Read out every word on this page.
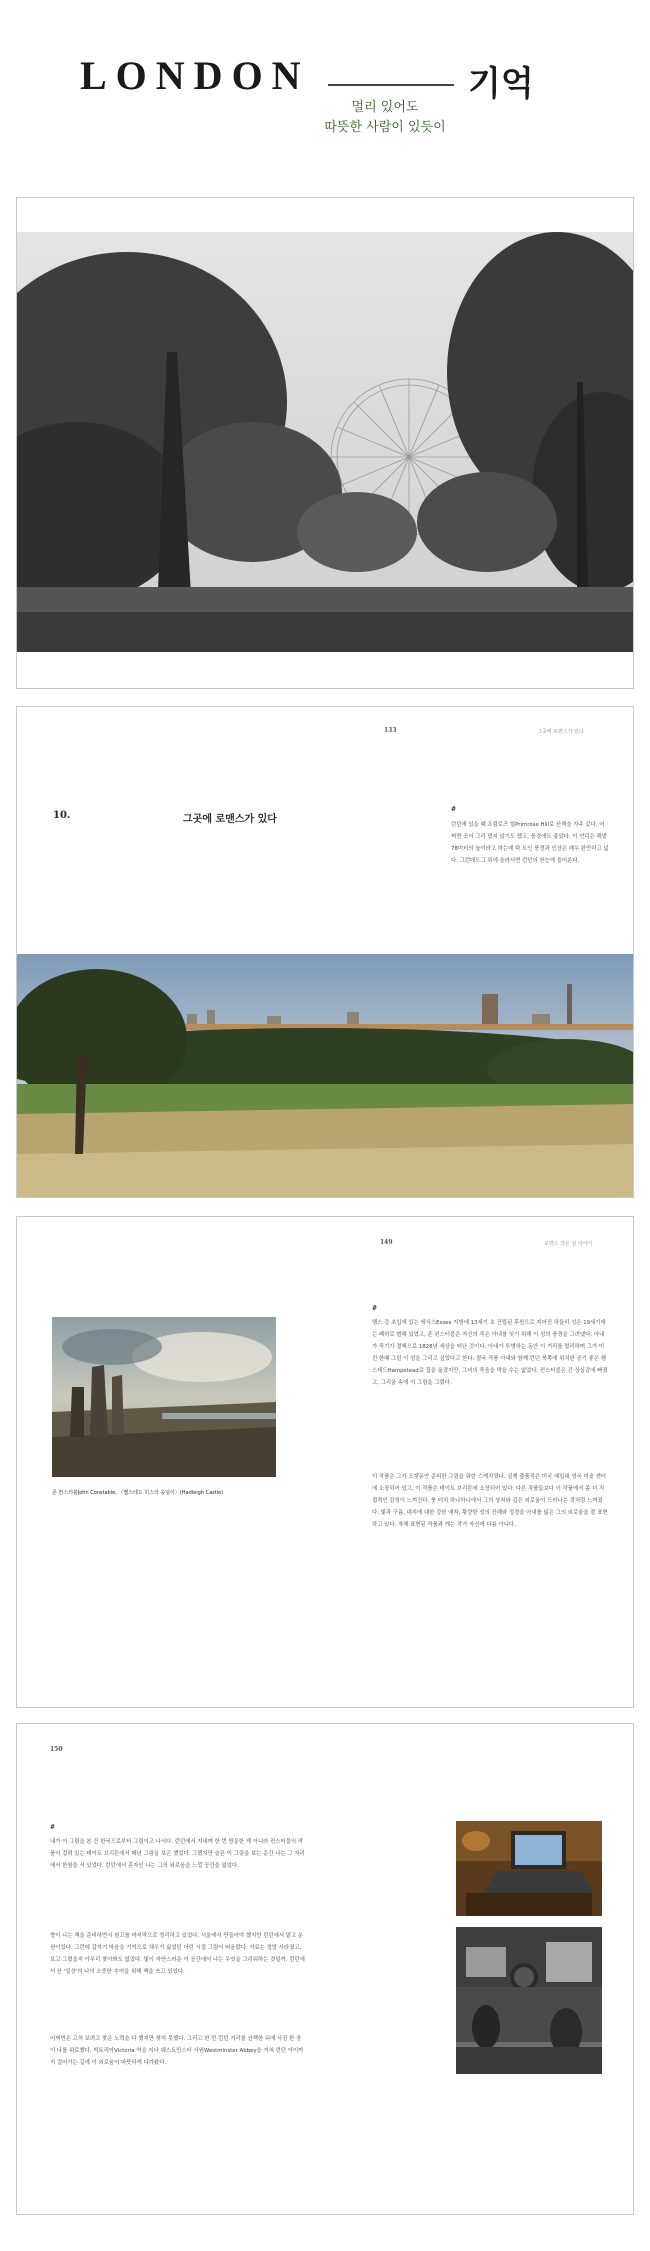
LONDON	기억
멀리 있어도
따뜻한 사람이 있듯이
133	그곳에 로맨스가 있다
10.	그곳에 로맨스가 있다
#

런던에 있을 때 프림로즈 힐Primrose Hill로 산책을 자주 갔다. 어쩌면 곳이 그리 멀지 않기도 했고, 풍경에도 좋았다. 이 언덕은 해발 78미터의 높이라고 하는데 탁 트인 풍경과 인상은 매우 완만하고 넓다. 그런데도그 위에 올라서면 런던의 한눈에 들어온다.

149	로맨스 작은 섬 이야기
존 컨스터블John Constable, 〈햄스테드 히스의 웅덩이〉(Hadleigh Castle)
#

템스 강 초입에 있는 에식스Essex 지방에 13세기 초 건립된 후원으로 지어진 하들리 성은 19세기에는 폐허로 변해 있었고, 존 컨스터블은 자신의 죽은 아내를 잊기 위해 이 성의 풍경을 그려냈다. 아내가 죽기가 결핵으로 1828년 세상을 떠난 것이다. 아내가 투병하는 동안 이 거리를 멀리하며 그가 미친 한때 그린 이 성을 그리고 싶었다고 한다. 결국 작품 아내와 함께 런던 북쪽에 위치한 공기 좋은 햄스테드Hampstead로 집을 옮겼지만, 그녀의 죽음을 막을 수는 없었다. 컨스터블은 긴 상실감에 빠졌고, 그리움 속에 이 그림을 그렸다.

이 작품은 그가 오랫동안 준비한 그림을 위한 스케치였다. 실제 출품작은 미국 예일대 영국 미술 센터에 소장되어 있고, 이 작품은 테이트 브리튼에 소장되어 있다. 다른 작품들보다 이 작품에서 좀 더 직접적인 감정이 느껴진다. 붓 터치 하나하나에서 그의 상처와 깊은 외로움이 드러나는 것처럼 느껴졌다. 빛과 구름, 대지에 대한 강한 애착, 황량한 성의 잔해와 정경을 아내를 잃은 그의 외로움을 잘 표현하고 있다. 자체 표현된 작품과 캐는 작가 자신에 다름 아니다.

150
#

내가 이 그림을 본 건 한국으로부터 그림이고 나서다. 런던에서 지내며 한 번 방문한 게 아니라 컨스터블의 작품이 걸려 있는 테이트 브리튼에서 매년 그림을 보곤 했었다. 그랬지만 슬픈 이 그림을 보는 순간 나는 그 자리에서 한참을 서 있었다. 런던에서 혼자인 나는 그의 외로움을 느낄 공간을 잃었다.

향이 나는 책을 준비하면서 원고를 마지막으로 정리하고 있었다. 서울에서 만들어야 했지만 런던에서 맡고 온 원이었다. 그런데 갑자기 마음을 기억으로 채우기 싫었던 어린 시절 그림이 떠올랐다. 자료는 정말 사라졌고, 보고 그렸을지 아무리 찾아봐도 없었다. 빛이 자연스러운 이 공간에서 나는 무엇을 그리워하는 것일까. 런던에서 산 '일상'의 나의 소중한 추억을 위해 책을 쓰고 있었다.

어쩌면은 고처 보려고 찾은 노력을 다 했지만 찾지 못했다. 그리고 한 번 런던 거리를 산책한 뒤에 사진 한 장이 나를 위로했다. 빅토리아Victoria 역을 지나 웨스트민스터 사원Westminster Abbey을 거쳐 런던 아이까지 걸어가는 길에 이 외로움이 따뜻하게 다가왔다.
